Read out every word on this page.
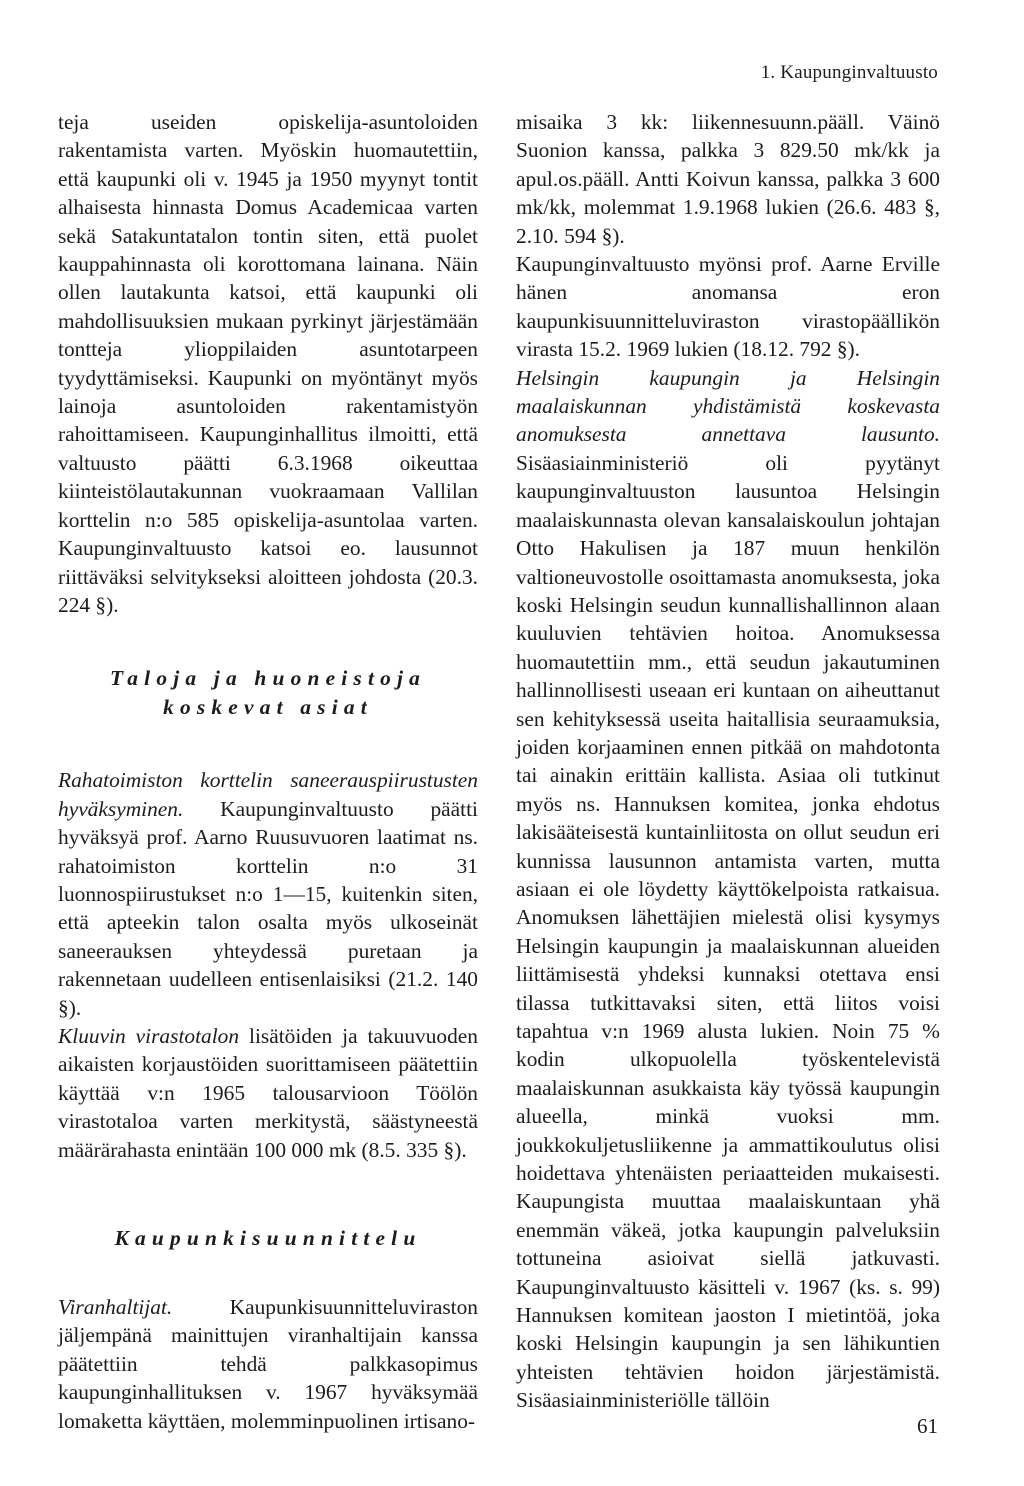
1. Kaupunginvaltuusto

teja useiden opiskelija-asuntoloiden rakentamista varten. Myöskin huomautettiin, että kaupunki oli v. 1945 ja 1950 myynyt tontit alhaisesta hinnasta Domus Academicaa varten sekä Satakuntatalon tontin siten, että puolet kauppahinnasta oli korottomana lainana. Näin ollen lautakunta katsoi, että kaupunki oli mahdollisuuksien mukaan pyrkinyt järjestämään tontteja ylioppilaiden asuntotarpeen tyydyttämiseksi. Kaupunki on myöntänyt myös lainoja asuntoloiden rakentamistyön rahoittamiseen. Kaupunginhallitus ilmoitti, että valtuusto päätti 6.3.1968 oikeuttaa kiinteistölautakunnan vuokraamaan Vallilan korttelin n:o 585 opiskelija-asuntolaa varten. Kaupunginvaltuusto katsoi eo. lausunnot riittäväksi selvitykseksi aloitteen johdosta (20.3. 224 §).

Taloja ja huoneistoja koskevat asiat

Rahatoimiston korttelin saneerauspiirustusten hyväksyminen. Kaupunginvaltuusto päätti hyväksyä prof. Aarno Ruusuvuoren laatimat ns. rahatoimiston korttelin n:o 31 luonnospiirustukset n:o 1—15, kuitenkin siten, että apteekin talon osalta myös ulkoseinät saneerauksen yhteydessä puretaan ja rakennetaan uudelleen entisenlaisiksi (21.2. 140 §).

Kluuvin virastotalon lisätöiden ja takuuvuoden aikaisten korjaustöiden suorittamiseen päätettiin käyttää v:n 1965 talousarvioon Töölön virastotaloa varten merkitystä, säästyneestä määrärahasta enintään 100 000 mk (8.5. 335 §).

Kaupunkisuunnittelu

Viranhaltijat. Kaupunkisuunnitteluviraston jäljempänä mainittujen viranhaltijain kanssa päätettiin tehdä palkkasopimus kaupunginhallituksen v. 1967 hyväksymää lomaketta käyttäen, molemminpuolinen irtisano-

misaika 3 kk: liikennesuunn.pääll. Väinö Suonion kanssa, palkka 3 829.50 mk/kk ja apul.os.pääll. Antti Koivun kanssa, palkka 3 600 mk/kk, molemmat 1.9.1968 lukien (26.6. 483 §, 2.10. 594 §).

Kaupunginvaltuusto myönsi prof. Aarne Erville hänen anomansa eron kaupunkisuunnitteluviraston virastopäällikön virasta 15.2. 1969 lukien (18.12. 792 §).

Helsingin kaupungin ja Helsingin maalaiskunnan yhdistämistä koskevasta anomuksesta annettava lausunto. Sisäasiainministeriö oli pyytänyt kaupunginvaltuuston lausuntoa Helsingin maalaiskunnasta olevan kansalaiskoulun johtajan Otto Hakulisen ja 187 muun henkilön valtioneuvostolle osoittamasta anomuksesta, joka koski Helsingin seudun kunnallishallinnon alaan kuuluvien tehtävien hoitoa. Anomuksessa huomautettiin mm., että seudun jakautuminen hallinnollisesti useaan eri kuntaan on aiheuttanut sen kehityksessä useita haitallisia seuraamuksia, joiden korjaaminen ennen pitkää on mahdotonta tai ainakin erittäin kallista. Asiaa oli tutkinut myös ns. Hannuksen komitea, jonka ehdotus lakisääteisestä kuntainliitosta on ollut seudun eri kunnissa lausunnon antamista varten, mutta asiaan ei ole löydetty käyttökelpoista ratkaisua. Anomuksen lähettäjien mielestä olisi kysymys Helsingin kaupungin ja maalaiskunnan alueiden liittämisestä yhdeksi kunnaksi otettava ensi tilassa tutkittavaksi siten, että liitos voisi tapahtua v:n 1969 alusta lukien. Noin 75 % kodin ulkopuolella työskentelevistä maalaiskunnan asukkaista käy työssä kaupungin alueella, minkä vuoksi mm. joukkokuljetusliikenne ja ammattikoulutus olisi hoidettava yhtenäisten periaatteiden mukaisesti. Kaupungista muuttaa maalaiskuntaan yhä enemmän väkeä, jotka kaupungin palveluksiin tottuneina asioivat siellä jatkuvasti. Kaupunginvaltuusto käsitteli v. 1967 (ks. s. 99) Hannuksen komitean jaoston I mietintöä, joka koski Helsingin kaupungin ja sen lähikuntien yhteisten tehtävien hoidon järjestämistä. Sisäasiainministeriölle tällöin

61
